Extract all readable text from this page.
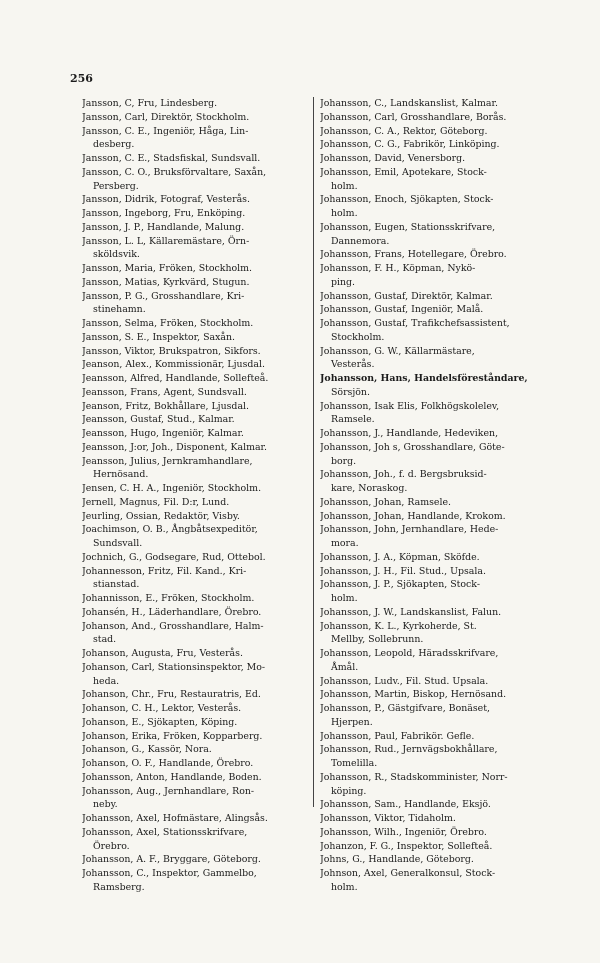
256
Jansson, C, Fru, Lindesberg.
Jansson, Carl, Direktör, Stockholm.
Jansson, C. E., Ingeniör, Håga, Lin-
desberg.
Jansson, C. E., Stadsfiskal, Sundsvall.
Jansson, C. O., Bruksförvaltare, Saxån,
Persberg.
Jansson, Didrik, Fotograf, Vesterås.
Jansson, Ingeborg, Fru, Enköping.
Jansson, J. P., Handlande, Malung.
Jansson, L. L, Källaremästare, Örn-
sköldsvik.
Jansson, Maria, Fröken, Stockholm.
Jansson, Matias, Kyrkvärd, Stugun.
Jansson, P. G., Grosshandlare, Kri-
stinehamn.
Jansson, Selma, Fröken, Stockholm.
Jansson, S. E., Inspektor, Saxån.
Jansson, Viktor, Brukspatron, Sikfors.
Jeanson, Alex., Kommissionär, Ljusdal.
Jeansson, Alfred, Handlande, Sollefteå.
Jeansson, Frans, Agent, Sundsvall.
Jeanson, Fritz, Bokhållare, Ljusdal.
Jeansson, Gustaf, Stud., Kalmar.
Jeansson, Hugo, Ingeniör, Kalmar.
Jeansson, J:or, Joh., Disponent, Kalmar.
Jeansson, Julius, Jernkramhandlare,
Hernösand.
Jensen, C. H. A., Ingeniör, Stockholm.
Jernell, Magnus, Fil. D:r, Lund.
Jeurling, Ossian, Redaktör, Visby.
Joachimson, O. B., Ångbåtsexpeditör,
Sundsvall.
Jochnich, G., Godsegare, Rud, Ottebol.
Johannesson, Fritz, Fil. Kand., Kri-
stianstad.
Johannisson, E., Fröken, Stockholm.
Johansén, H., Läderhandlare, Örebro.
Johanson, And., Grosshandlare, Halm-
stad.
Johanson, Augusta, Fru, Vesterås.
Johanson, Carl, Stationsinspektor, Mo-
heda.
Johanson, Chr., Fru, Restauratris, Ed.
Johanson, C. H., Lektor, Vesterås.
Johanson, E., Sjökapten, Köping.
Johanson, Erika, Fröken, Kopparberg.
Johanson, G., Kassör, Nora.
Johanson, O. F., Handlande, Örebro.
Johansson, Anton, Handlande, Boden.
Johansson, Aug., Jernhandlare, Ron-
neby.
Johansson, Axel, Hofmästare, Alingsås.
Johansson, Axel, Stationsskrifvare,
Örebro.
Johansson, A. F., Bryggare, Göteborg.
Johansson, C., Inspektor, Gammelbo,
Ramsberg.
Johansson, C., Landskanslist, Kalmar.
Johansson, Carl, Grosshandlare, Borås.
Johansson, C. A., Rektor, Göteborg.
Johansson, C. G., Fabrikör, Linköping.
Johansson, David, Venersborg.
Johansson, Emil, Apotekare, Stock-
holm.
Johansson, Enoch, Sjökapten, Stock-
holm.
Johansson, Eugen, Stationsskrifvare,
Dannemora.
Johansson, Frans, Hotellegare, Örebro.
Johansson, F. H., Köpman, Nykö-
ping.
Johansson, Gustaf, Direktör, Kalmar.
Johansson, Gustaf, Ingeniör, Malå.
Johansson, Gustaf, Trafikchefsassistent,
Stockholm.
Johansson, G. W., Källarmästare,
Vesterås.
Johansson, Hans, Handelsföreståndare,
Sörsjön.
Johansson, Isak Elis, Folkhögskolelev,
Ramsele.
Johansson, J., Handlande, Hedeviken,
Johansson, Joh s, Grosshandlare, Göte-
borg.
Johansson, Joh., f. d. Bergsbruksid-
kare, Noraskog.
Johansson, Johan, Ramsele.
Johansson, Johan, Handlande, Krokom.
Johansson, John, Jernhandlare, Hede-
mora.
Johansson, J. A., Köpman, Sköfde.
Johansson, J. H., Fil. Stud., Upsala.
Johansson, J. P., Sjökapten, Stock-
holm.
Johansson, J. W., Landskanslist, Falun.
Johansson, K. L., Kyrkoherde, St.
Mellby, Sollebrunn.
Johansson, Leopold, Häradsskrifvare,
Åmål.
Johansson, Ludv., Fil. Stud. Upsala.
Johansson, Martin, Biskop, Hernösand.
Johansson, P., Gästgifvare, Bonäset,
Hjerpen.
Johansson, Paul, Fabrikör. Gefle.
Johansson, Rud., Jernvägsbokhållare,
Tomelilla.
Johansson, R., Stadskomminister, Norr-
köping.
Johansson, Sam., Handlande, Eksjö.
Johansson, Viktor, Tidaholm.
Johansson, Wilh., Ingeniör, Örebro.
Johanzon, F. G., Inspektor, Sollefteå.
Johns, G., Handlande, Göteborg.
Johnson, Axel, Generalkonsul, Stock-
holm.
